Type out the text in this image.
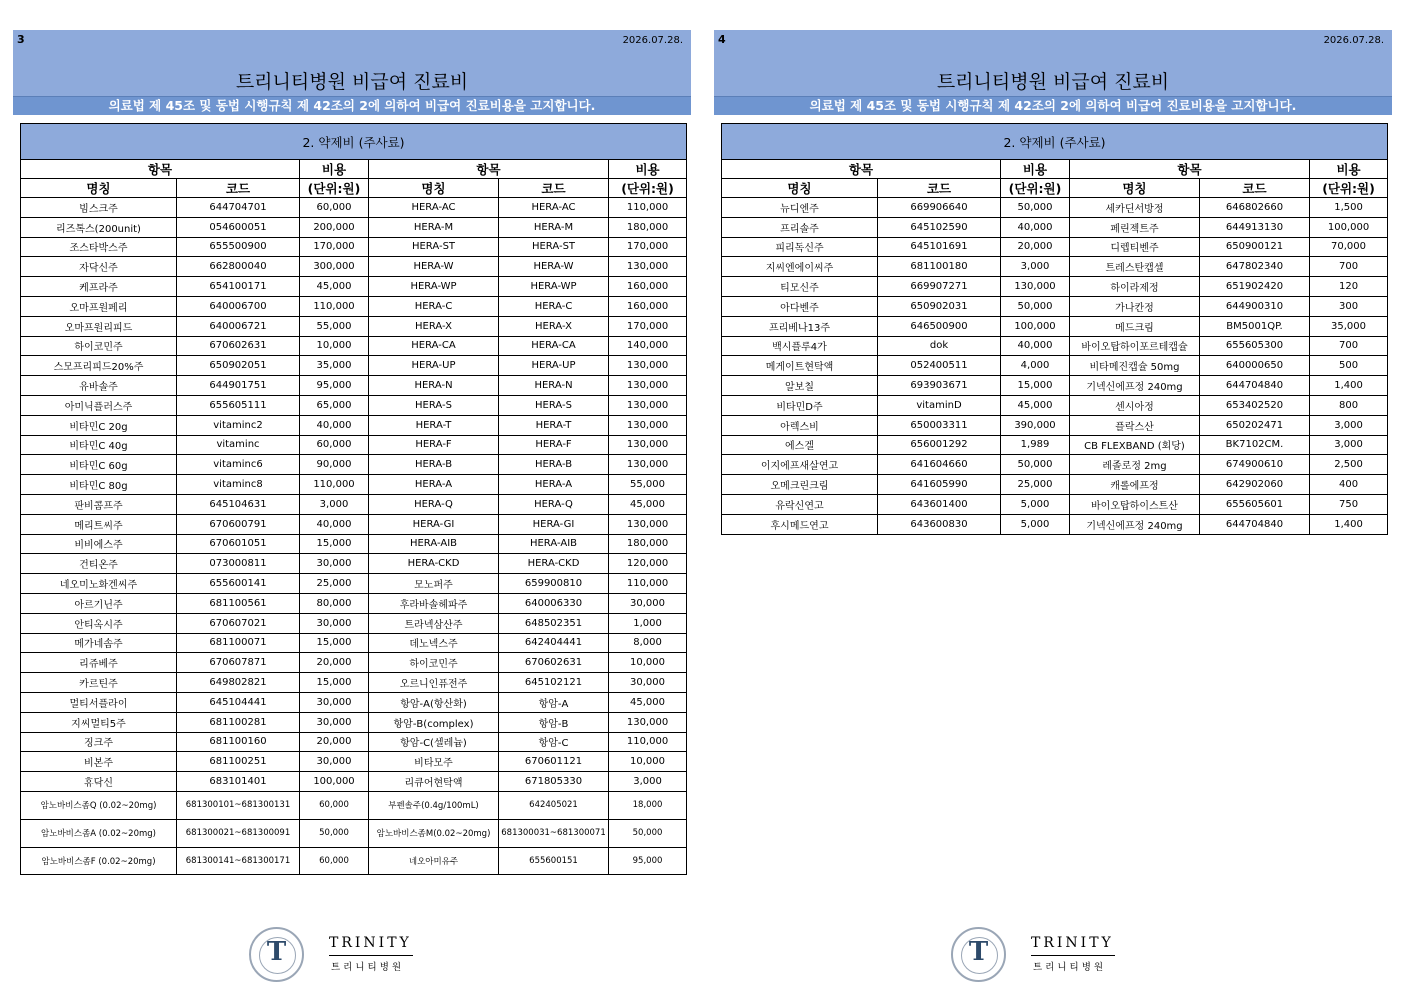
3	2026.07.28.
트리니티병원 비급여 진료비
의료법 제 45조 및 동법 시행규칙 제 42조의 2에 의하여 비급여 진료비용을 고지합니다.
2. 약제비 (주사료)					
항목		비용	항목		비용
명칭	코드	(단위:원)	명칭	코드	(단위:원)
빔스크주	644704701	60,000	HERA-AC	HERA-AC	110,000
리즈톡스(200unit)	054600051	200,000	HERA-M	HERA-M	180,000
조스타박스주	655500900	170,000	HERA-ST	HERA-ST	170,000
자닥신주	662800040	300,000	HERA-W	HERA-W	130,000
케프라주	654100171	45,000	HERA-WP	HERA-WP	160,000
오마프원페리	640006700	110,000	HERA-C	HERA-C	160,000
오마프원리피드	640006721	55,000	HERA-X	HERA-X	170,000
하이코민주	670602631	10,000	HERA-CA	HERA-CA	140,000
스모프리피드20%주	650902051	35,000	HERA-UP	HERA-UP	130,000
유바솔주	644901751	95,000	HERA-N	HERA-N	130,000
아미닉플러스주	655605111	65,000	HERA-S	HERA-S	130,000
비타민C 20g	vitaminc2	40,000	HERA-T	HERA-T	130,000
비타민C 40g	vitaminc	60,000	HERA-F	HERA-F	130,000
비타민C 60g	vitaminc6	90,000	HERA-B	HERA-B	130,000
비타민C 80g	vitaminc8	110,000	HERA-A	HERA-A	55,000
판비콤프주	645104631	3,000	HERA-Q	HERA-Q	45,000
메리트씨주	670600791	40,000	HERA-GI	HERA-GI	130,000
비비에스주	670601051	15,000	HERA-AIB	HERA-AIB	180,000
건티온주	073000811	30,000	HERA-CKD	HERA-CKD	120,000
네오미노화겐씨주	655600141	25,000	모노퍼주	659900810	110,000
아르기닌주	681100561	80,000	후라바솔헤파주	640006330	30,000
안티옥시주	670607021	30,000	트라넥삼산주	648502351	1,000
메가네솜주	681100071	15,000	데노넥스주	642404441	8,000
리쥬베주	670607871	20,000	하이코민주	670602631	10,000
카르틴주	649802821	15,000	오르니인퓨전주	645102121	30,000
멀티서플라이	645104441	30,000	항암-A(항산화)	항암-A	45,000
지씨멀티5주	681100281	30,000	항암-B(complex)	항암-B	130,000
징크주	681100160	20,000	항암-C(셀레늄)	항암-C	110,000
비본주	681100251	30,000	비타모주	670601121	10,000
휴닥신	683101401	100,000	리큐어현탁액	671805330	3,000
암노바비스좀Q (0.02~20mg)	681300101~681300131	60,000	부펜솔주(0.4g/100mL)	642405021	18,000
암노바비스좀A (0.02~20mg)	681300021~681300091	50,000	암노바비스좀M(0.02~20mg)	681300031~681300071	50,000
암노바비스좀F (0.02~20mg)	681300141~681300171	60,000	네오아미유주	655600151	95,000
T	TRINITY
트리니티병원
4	2026.07.28.
트리니티병원 비급여 진료비
의료법 제 45조 및 동법 시행규칙 제 42조의 2에 의하여 비급여 진료비용을 고지합니다.
2. 약제비 (주사료)					
항목		비용	항목		비용
명칭	코드	(단위:원)	명칭	코드	(단위:원)
뉴디엔주	669906640	50,000	세카딘서방정	646802660	1,500
프리솔주	645102590	40,000	페린젝트주	644913130	100,000
피리독신주	645101691	20,000	디렙티벤주	650900121	70,000
지씨엔에이씨주	681100180	3,000	트레스탄캡셀	647802340	700
티모신주	669907271	130,000	하이라제정	651902420	120
아다벤주	650902031	50,000	가나칸정	644900310	300
프리베나13주	646500900	100,000	메드크림	BM5001QP.	35,000
백시플루4가	dok	40,000	바이오탑하이포르테캡슐	655605300	700
메게이트현탁액	052400511	4,000	비타메진캡슐 50mg	640000650	500
알보칠	693903671	15,000	기넥신에프정 240mg	644704840	1,400
비타민D주	vitaminD	45,000	센시아정	653402520	800
아렉스비	650003311	390,000	플락스산	650202471	3,000
에스겔	656001292	1,989	CB FLEXBAND (회당)	BK7102CM.	3,000
이지에프새살연고	641604660	50,000	레졸로정 2mg	674900610	2,500
오메크린크림	641605990	25,000	캐롤에프정	642902060	400
유락신연고	643601400	5,000	바이오탑하이스트산	655605601	750
후시메드연고	643600830	5,000	기넥신에프정 240mg	644704840	1,400
T	TRINITY
트리니티병원
